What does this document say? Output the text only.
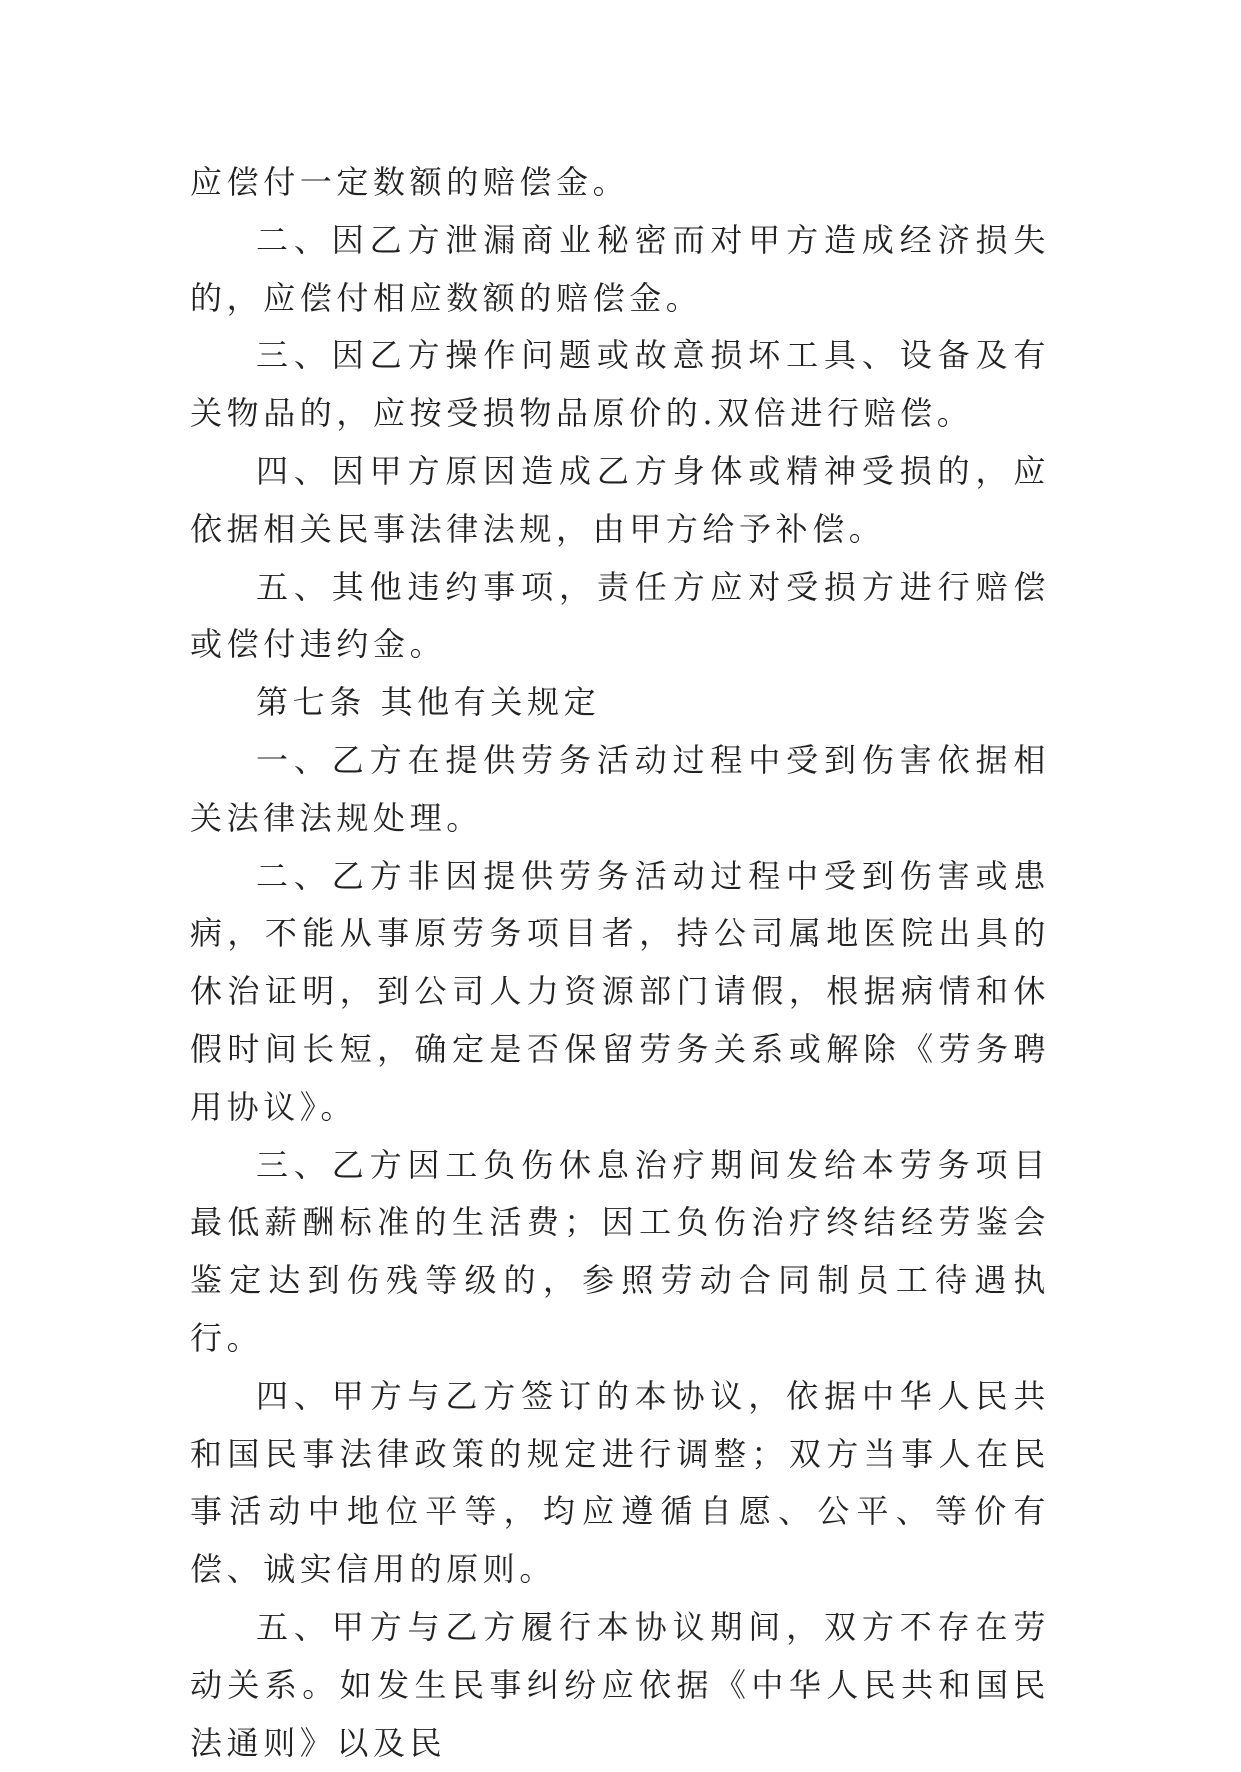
应偿付一定数额的赔偿金。

二、因乙方泄漏商业秘密而对甲方造成经济损失的，应偿付相应数额的赔偿金。

三、因乙方操作问题或故意损坏工具、设备及有关物品的，应按受损物品原价的.双倍进行赔偿。

四、因甲方原因造成乙方身体或精神受损的，应依据相关民事法律法规，由甲方给予补偿。

五、其他违约事项，责任方应对受损方进行赔偿或偿付违约金。

第七条 其他有关规定

一、乙方在提供劳务活动过程中受到伤害依据相关法律法规处理。

二、乙方非因提供劳务活动过程中受到伤害或患病，不能从事原劳务项目者，持公司属地医院出具的休治证明，到公司人力资源部门请假，根据病情和休假时间长短，确定是否保留劳务关系或解除《劳务聘用协议》。

三、乙方因工负伤休息治疗期间发给本劳务项目最低薪酬标准的生活费；因工负伤治疗终结经劳鉴会鉴定达到伤残等级的，参照劳动合同制员工待遇执行。

四、甲方与乙方签订的本协议，依据中华人民共和国民事法律政策的规定进行调整；双方当事人在民事活动中地位平等，均应遵循自愿、公平、等价有偿、诚实信用的原则。

五、甲方与乙方履行本协议期间，双方不存在劳动关系。如发生民事纠纷应依据《中华人民共和国民法通则》以及民
